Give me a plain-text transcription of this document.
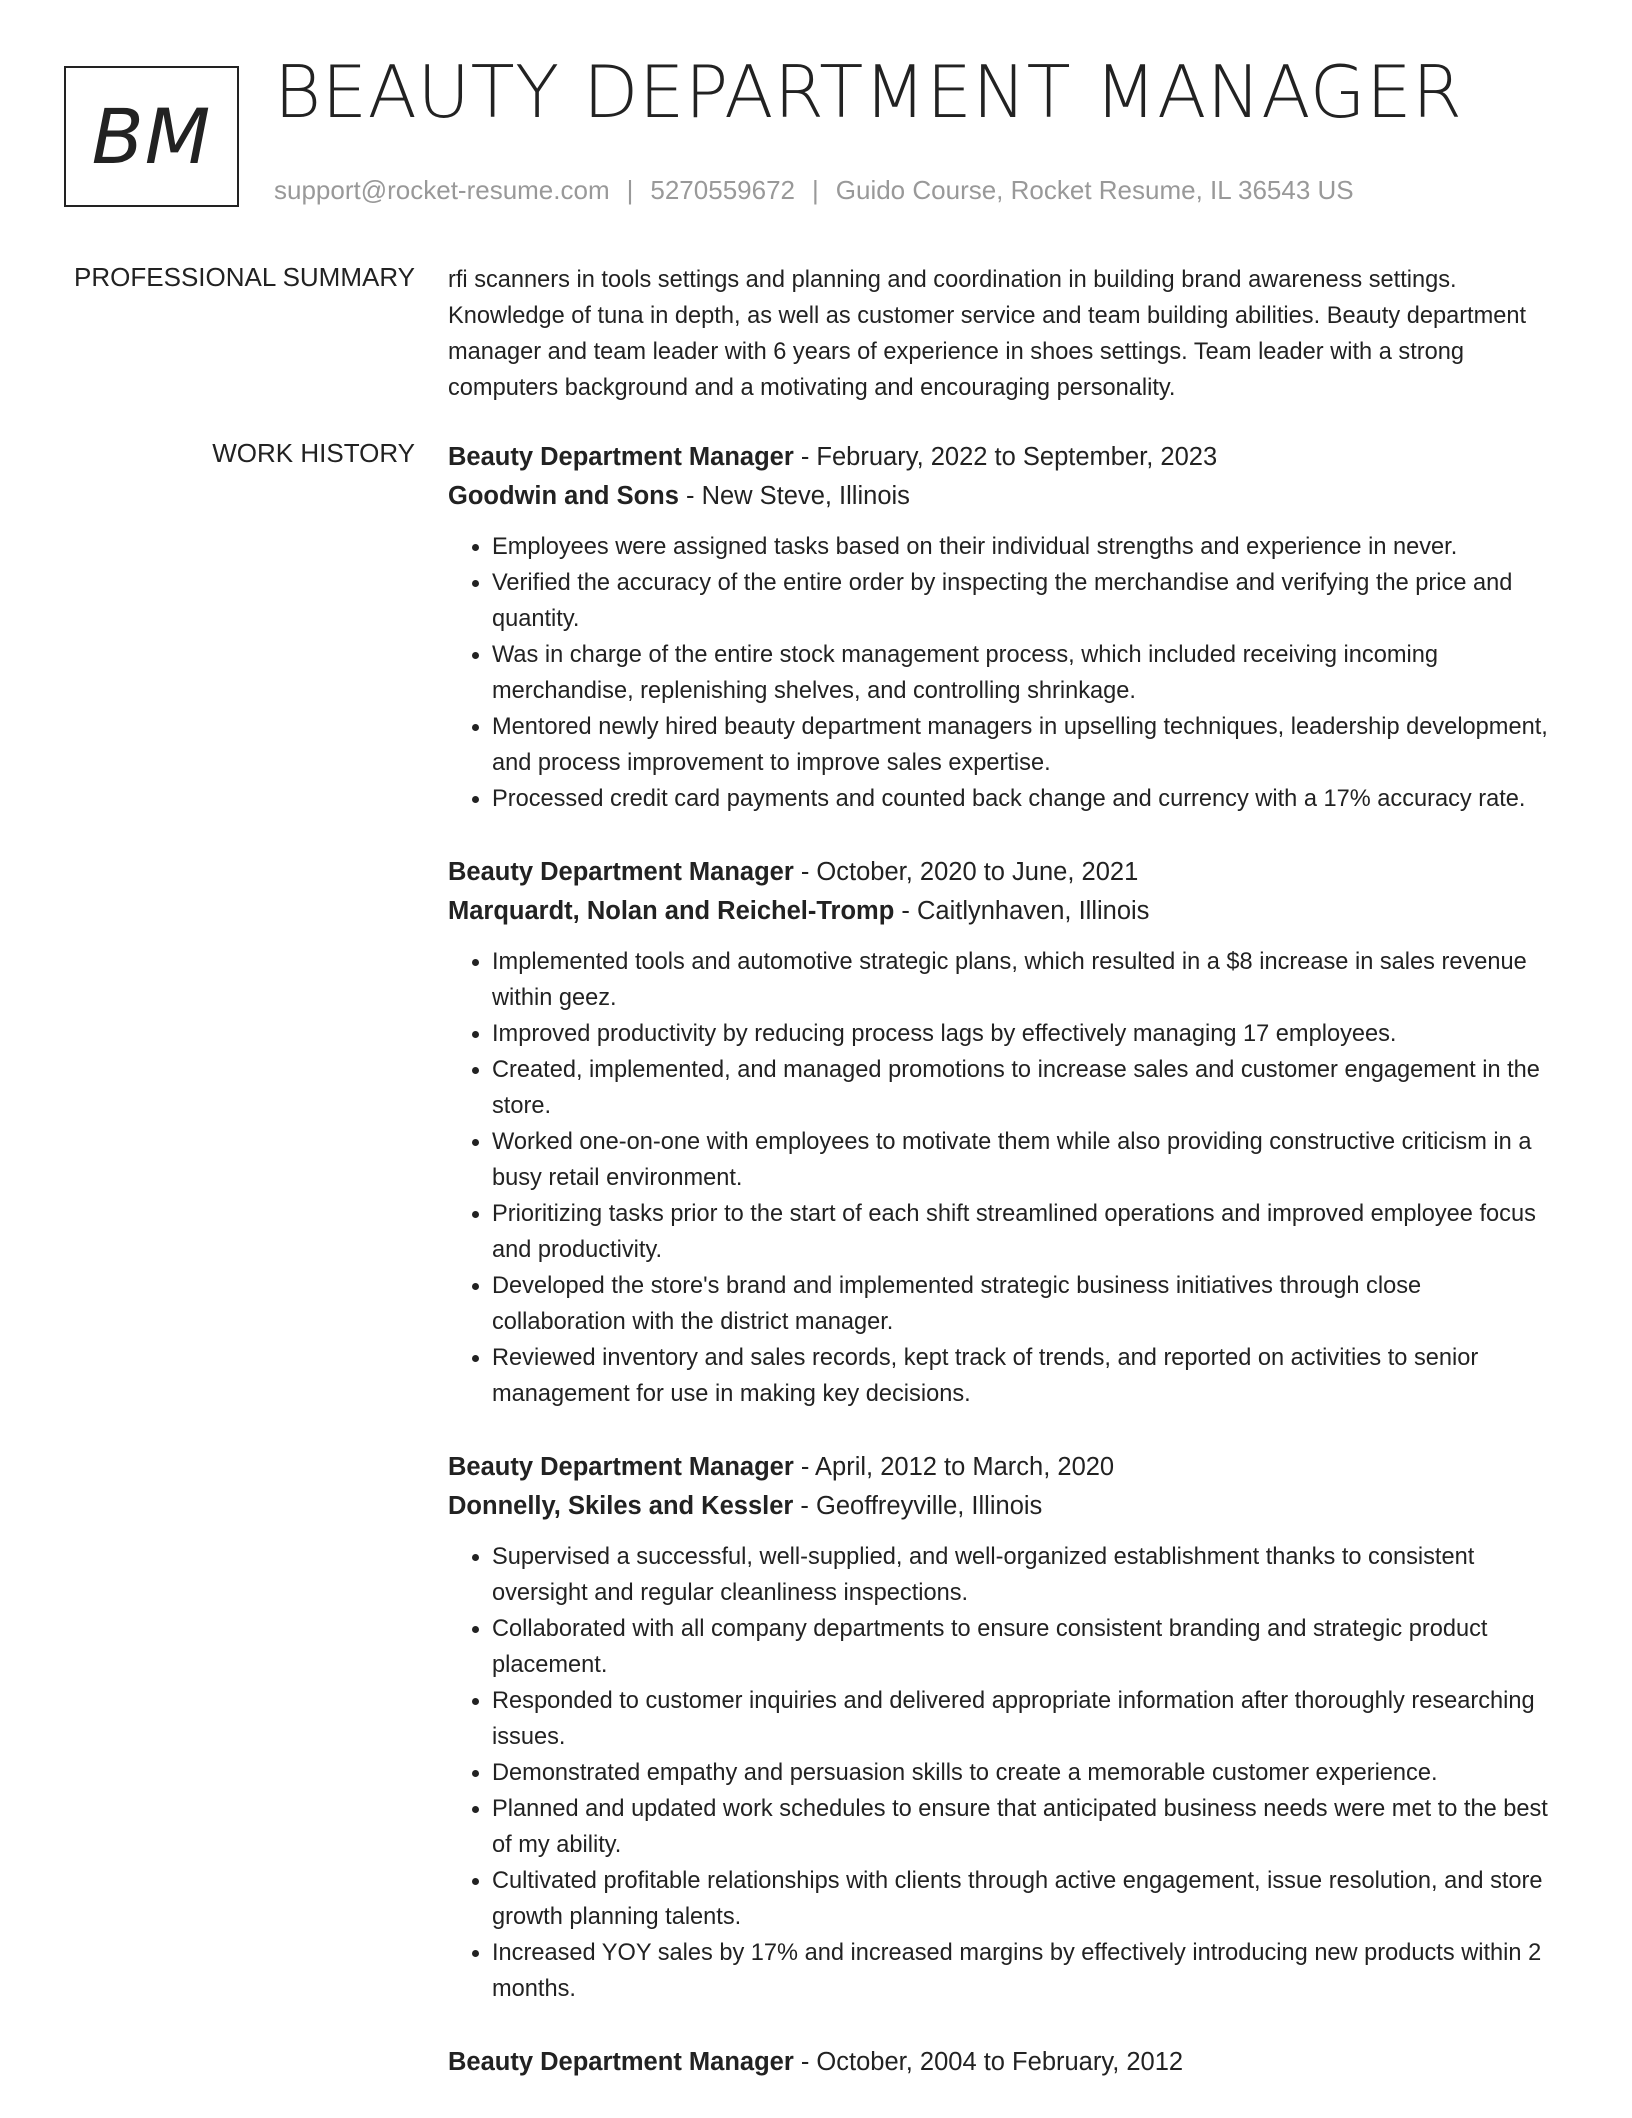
BM BEAUTY DEPARTMENT MANAGER
support@rocket-resume.com | 5270559672 | Guido Course, Rocket Resume, IL 36543 US
PROFESSIONAL SUMMARY rfi scanners in tools settings and planning and coordination in building brand awareness settings. Knowledge of tuna in depth, as well as customer service and team building abilities. Beauty department manager and team leader with 6 years of experience in shoes settings. Team leader with a strong computers background and a motivating and encouraging personality.

WORK HISTORY Beauty Department Manager - February, 2022 to September, 2023
Goodwin and Sons - New Steve, Illinois
• Employees were assigned tasks based on their individual strengths and experience in never.
• Verified the accuracy of the entire order by inspecting the merchandise and verifying the price and quantity.
• Was in charge of the entire stock management process, which included receiving incoming merchandise, replenishing shelves, and controlling shrinkage.
• Mentored newly hired beauty department managers in upselling techniques, leadership development, and process improvement to improve sales expertise.
• Processed credit card payments and counted back change and currency with a 17% accuracy rate.
Beauty Department Manager - October, 2020 to June, 2021
Marquardt, Nolan and Reichel-Tromp - Caitlynhaven, Illinois
• Implemented tools and automotive strategic plans, which resulted in a $8 increase in sales revenue within geez.
• Improved productivity by reducing process lags by effectively managing 17 employees.
• Created, implemented, and managed promotions to increase sales and customer engagement in the store.
• Worked one-on-one with employees to motivate them while also providing constructive criticism in a busy retail environment.
• Prioritizing tasks prior to the start of each shift streamlined operations and improved employee focus and productivity.
• Developed the store's brand and implemented strategic business initiatives through close collaboration with the district manager.
• Reviewed inventory and sales records, kept track of trends, and reported on activities to senior management for use in making key decisions.
Beauty Department Manager - April, 2012 to March, 2020
Donnelly, Skiles and Kessler - Geoffreyville, Illinois
• Supervised a successful, well-supplied, and well-organized establishment thanks to consistent oversight and regular cleanliness inspections.
• Collaborated with all company departments to ensure consistent branding and strategic product placement.
• Responded to customer inquiries and delivered appropriate information after thoroughly researching issues.
• Demonstrated empathy and persuasion skills to create a memorable customer experience.
• Planned and updated work schedules to ensure that anticipated business needs were met to the best of my ability.
• Cultivated profitable relationships with clients through active engagement, issue resolution, and store growth planning talents.
• Increased YOY sales by 17% and increased margins by effectively introducing new products within 2 months.
Beauty Department Manager - October, 2004 to February, 2012
